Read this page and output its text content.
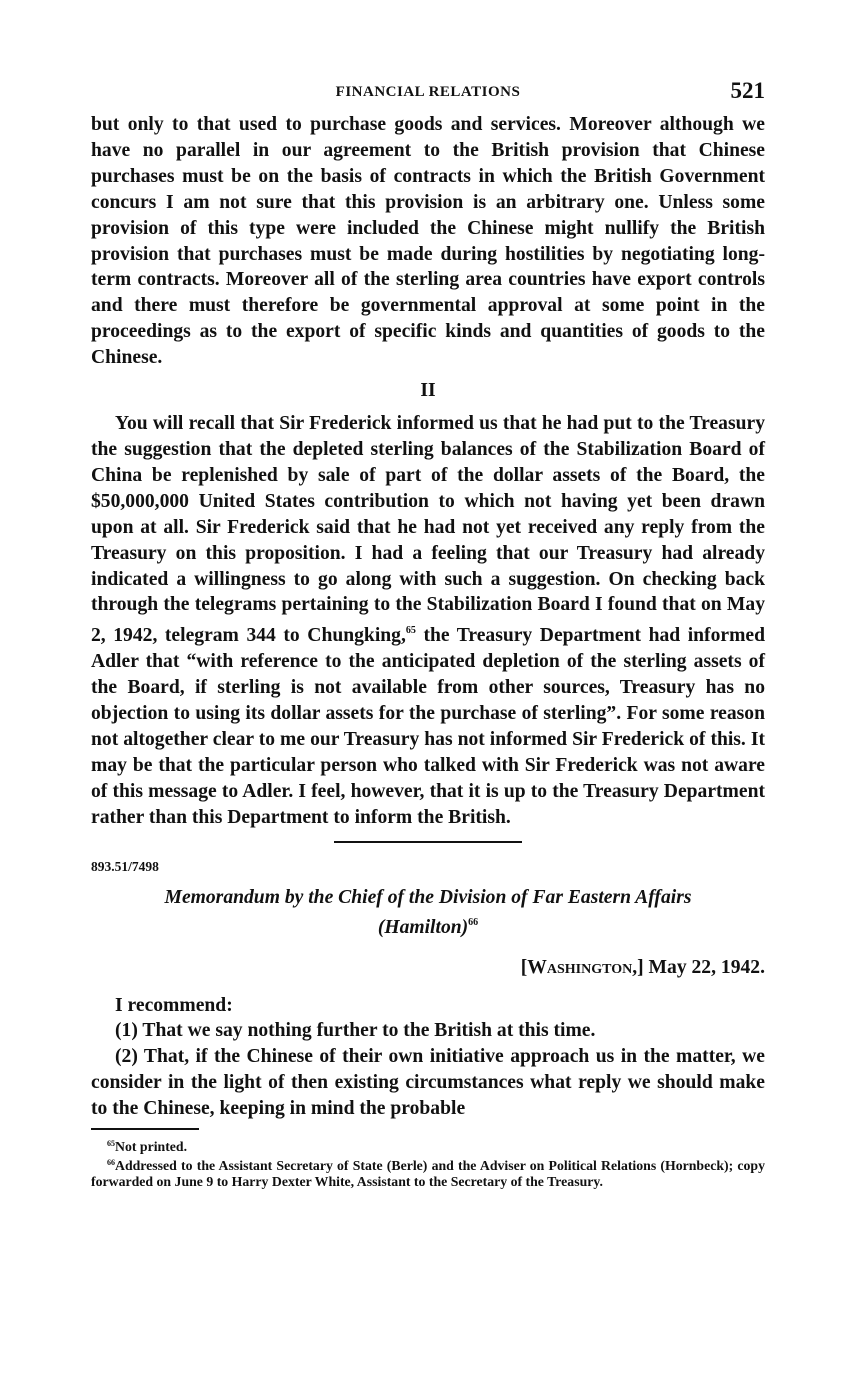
FINANCIAL RELATIONS	521

but only to that used to purchase goods and services. Moreover although we have no parallel in our agreement to the British provision that Chinese purchases must be on the basis of contracts in which the British Government concurs I am not sure that this provision is an arbitrary one. Unless some provision of this type were included the Chinese might nullify the British provision that purchases must be made during hostilities by negotiating long-term contracts. Moreover all of the sterling area countries have export controls and there must therefore be governmental approval at some point in the proceedings as to the export of specific kinds and quantities of goods to the Chinese.

II

You will recall that Sir Frederick informed us that he had put to the Treasury the suggestion that the depleted sterling balances of the Stabilization Board of China be replenished by sale of part of the dollar assets of the Board, the $50,000,000 United States contribution to which not having yet been drawn upon at all. Sir Frederick said that he had not yet received any reply from the Treasury on this proposition. I had a feeling that our Treasury had already indicated a willingness to go along with such a suggestion. On checking back through the telegrams pertaining to the Stabilization Board I found that on May 2, 1942, telegram 344 to Chungking,$^{65}$ the Treasury Department had informed Adler that “with reference to the anticipated depletion of the sterling assets of the Board, if sterling is not available from other sources, Treasury has no objection to using its dollar assets for the purchase of sterling”. For some reason not altogether clear to me our Treasury has not informed Sir Frederick of this. It may be that the particular person who talked with Sir Frederick was not aware of this message to Adler. I feel, however, that it is up to the Treasury Department rather than this Department to inform the British.

893.51/7498
Memorandum by the Chief of the Division of Far Eastern Affairs
(Hamilton)$^{66}$
[Washington,] May 22, 1942.

I recommend:

(1) That we say nothing further to the British at this time.

(2) That, if the Chinese of their own initiative approach us in the matter, we consider in the light of then existing circumstances what reply we should make to the Chinese, keeping in mind the probable

$^{65}$Not printed.

$^{66}$Addressed to the Assistant Secretary of State (Berle) and the Adviser on Political Relations (Hornbeck); copy forwarded on June 9 to Harry Dexter White, Assistant to the Secretary of the Treasury.
